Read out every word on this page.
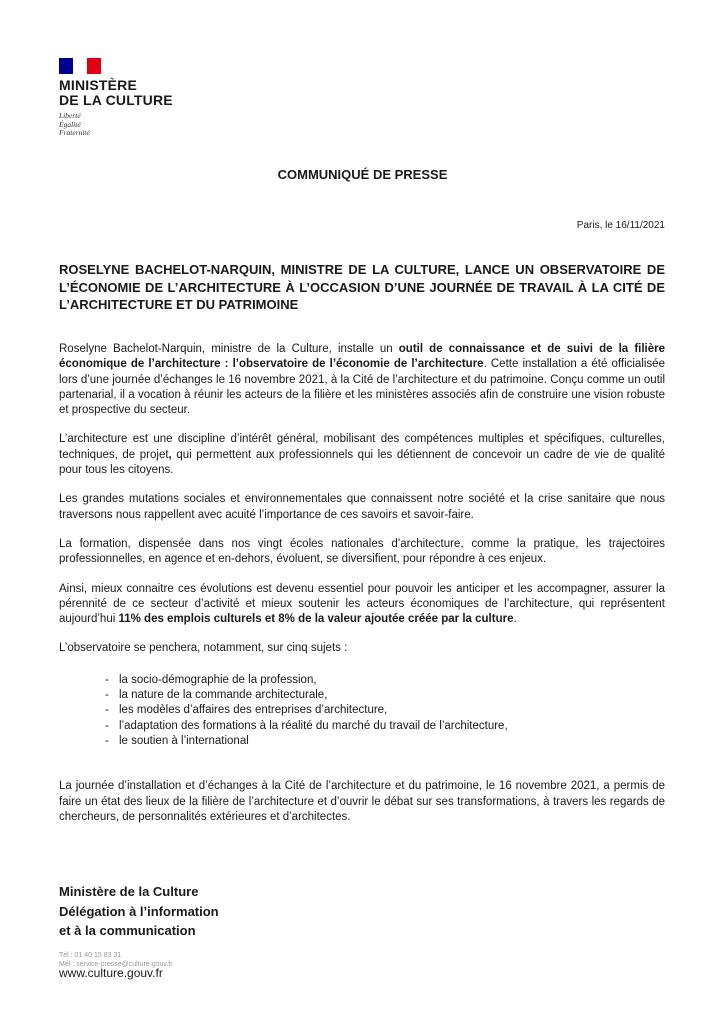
MINISTÈRE
DE LA CULTURE
Liberté
Égalité
Fraternité
COMMUNIQUÉ DE PRESSE
Paris, le 16/11/2021
ROSELYNE BACHELOT-NARQUIN, MINISTRE DE LA CULTURE, LANCE UN OBSERVATOIRE DE L’ÉCONOMIE DE L’ARCHITECTURE À L’OCCASION D’UNE JOURNÉE DE TRAVAIL À LA CITÉ DE L’ARCHITECTURE ET DU PATRIMOINE

Roselyne Bachelot-Narquin, ministre de la Culture, installe un outil de connaissance et de suivi de la filière économique de l’architecture : l’observatoire de l’économie de l’architecture. Cette installation a été officialisée lors d’une journée d’échanges le 16 novembre 2021, à la Cité de l’architecture et du patrimoine. Conçu comme un outil partenarial, il a vocation à réunir les acteurs de la filière et les ministères associés afin de construire une vision robuste et prospective du secteur.

L’architecture est une discipline d’intérêt général, mobilisant des compétences multiples et spécifiques, culturelles, techniques, de projet, qui permettent aux professionnels qui les détiennent de concevoir un cadre de vie de qualité pour tous les citoyens.

Les grandes mutations sociales et environnementales que connaissent notre société et la crise sanitaire que nous traversons nous rappellent avec acuité l’importance de ces savoirs et savoir-faire.

La formation, dispensée dans nos vingt écoles nationales d’architecture, comme la pratique, les trajectoires professionnelles, en agence et en-dehors, évoluent, se diversifient, pour répondre à ces enjeux.

Ainsi, mieux connaitre ces évolutions est devenu essentiel pour pouvoir les anticiper et les accompagner, assurer la pérennité de ce secteur d’activité et mieux soutenir les acteurs économiques de l’architecture, qui représentent aujourd’hui 11% des emplois culturels et 8% de la valeur ajoutée créée par la culture.

L’observatoire se penchera, notamment, sur cinq sujets :

- la socio-démographie de la profession,
- la nature de la commande architecturale,
- les modèles d’affaires des entreprises d’architecture,
- l’adaptation des formations à la réalité du marché du travail de l’architecture,
- le soutien à l’international

La journée d’installation et d’échanges à la Cité de l’architecture et du patrimoine, le 16 novembre 2021, a permis de faire un état des lieux de la filière de l’architecture et d’ouvrir le débat sur ses transformations, à travers les regards de chercheurs, de personnalités extérieures et d’architectes.

Ministère de la Culture
Délégation à l’information
et à la communication
Tél : 01 40 15 83 31
Mél : service-presse@culture.gouv.fr
www.culture.gouv.fr
